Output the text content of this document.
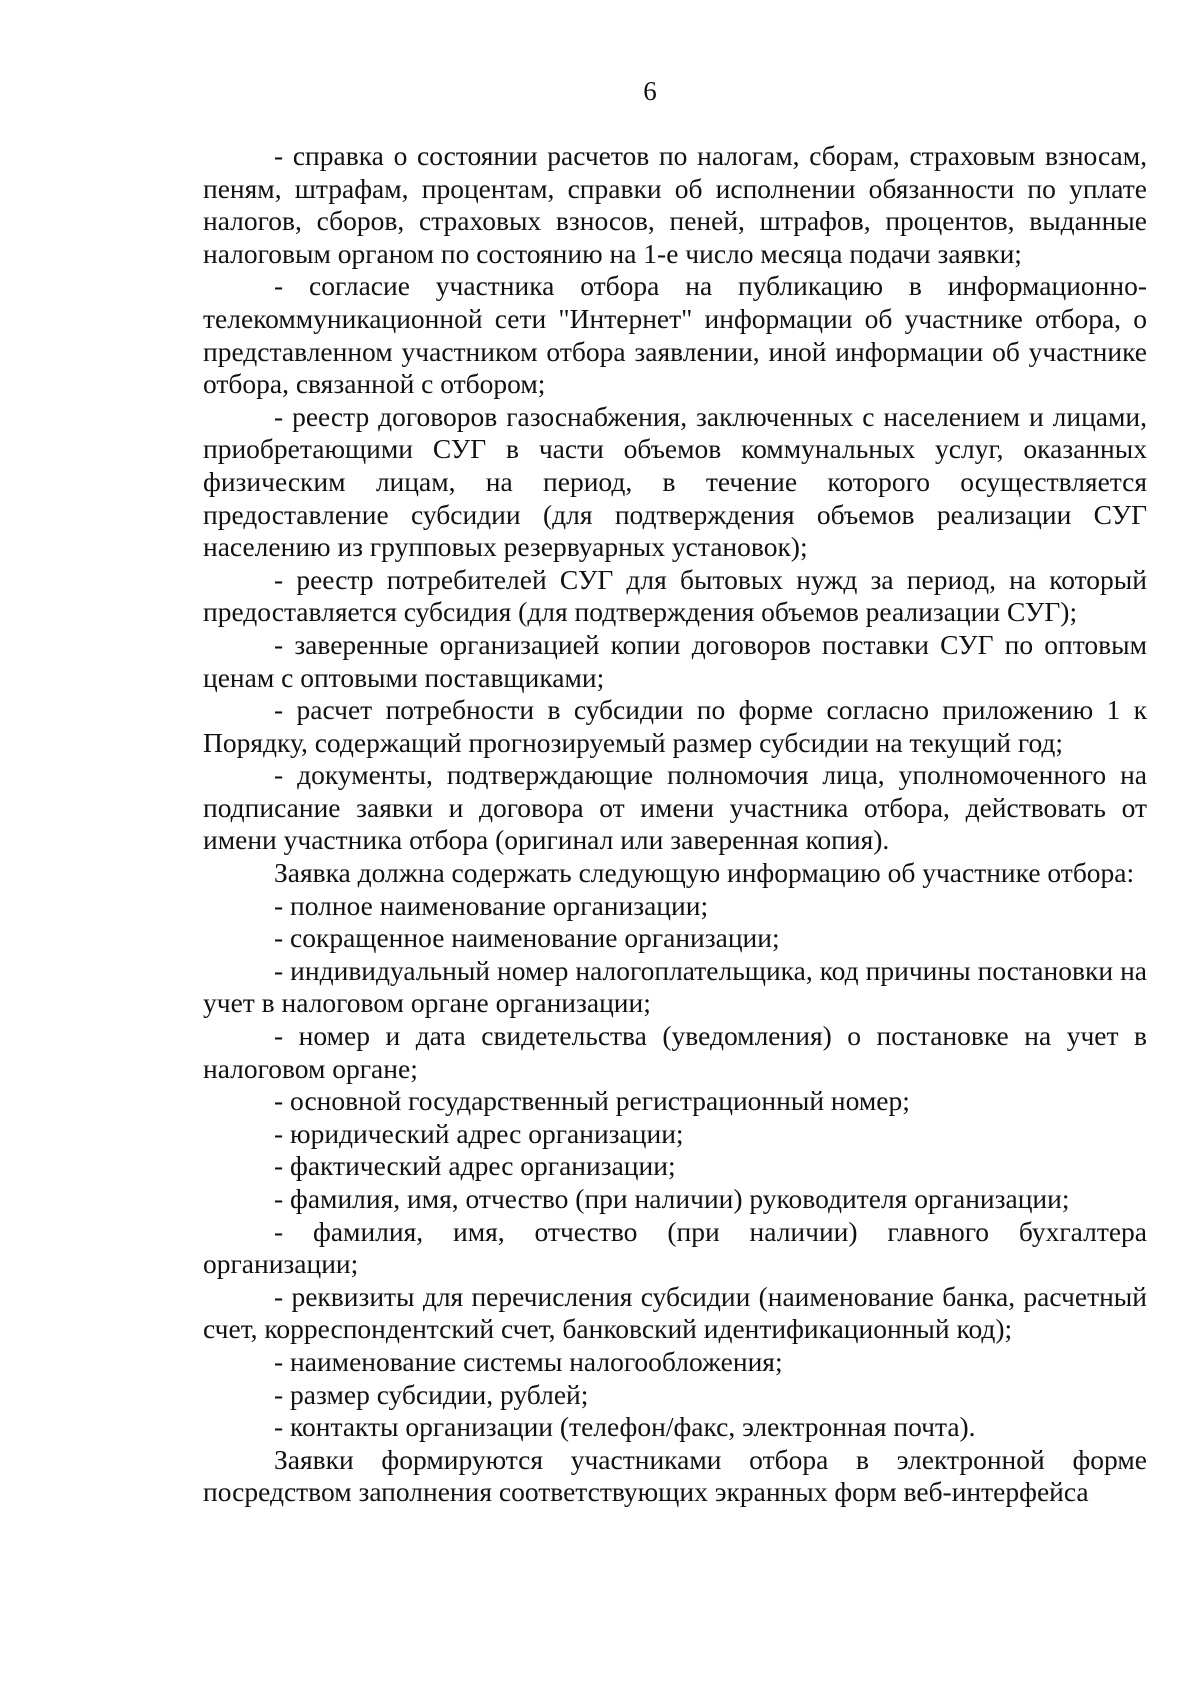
6

- справка о состоянии расчетов по налогам, сборам, страховым взносам, пеням, штрафам, процентам, справки об исполнении обязанности по уплате налогов, сборов, страховых взносов, пеней, штрафов, процентов, выданные налоговым органом по состоянию на 1-е число месяца подачи заявки;

- согласие участника отбора на публикацию в информационно-телекоммуникационной сети "Интернет" информации об участнике отбора, о представленном участником отбора заявлении, иной информации об участнике отбора, связанной с отбором;

- реестр договоров газоснабжения, заключенных с населением и лицами, приобретающими СУГ в части объемов коммунальных услуг, оказанных физическим лицам, на период, в течение которого осуществляется предоставление субсидии (для подтверждения объемов реализации СУГ населению из групповых резервуарных установок);

- реестр потребителей СУГ для бытовых нужд за период, на который предоставляется субсидия (для подтверждения объемов реализации СУГ);

- заверенные организацией копии договоров поставки СУГ по оптовым ценам с оптовыми поставщиками;

- расчет потребности в субсидии по форме согласно приложению 1 к Порядку, содержащий прогнозируемый размер субсидии на текущий год;

- документы, подтверждающие полномочия лица, уполномоченного на подписание заявки и договора от имени участника отбора, действовать от имени участника отбора (оригинал или заверенная копия).

Заявка должна содержать следующую информацию об участнике отбора:

- полное наименование организации;

- сокращенное наименование организации;

- индивидуальный номер налогоплательщика, код причины постановки на учет в налоговом органе организации;

- номер и дата свидетельства (уведомления) о постановке на учет в налоговом органе;

- основной государственный регистрационный номер;

- юридический адрес организации;

- фактический адрес организации;

- фамилия, имя, отчество (при наличии) руководителя организации;

- фамилия, имя, отчество (при наличии) главного бухгалтера организации;

- реквизиты для перечисления субсидии (наименование банка, расчетный счет, корреспондентский счет, банковский идентификационный код);

- наименование системы налогообложения;

- размер субсидии, рублей;

- контакты организации (телефон/факс, электронная почта).

Заявки формируются участниками отбора в электронной форме посредством заполнения соответствующих экранных форм веб-интерфейса
